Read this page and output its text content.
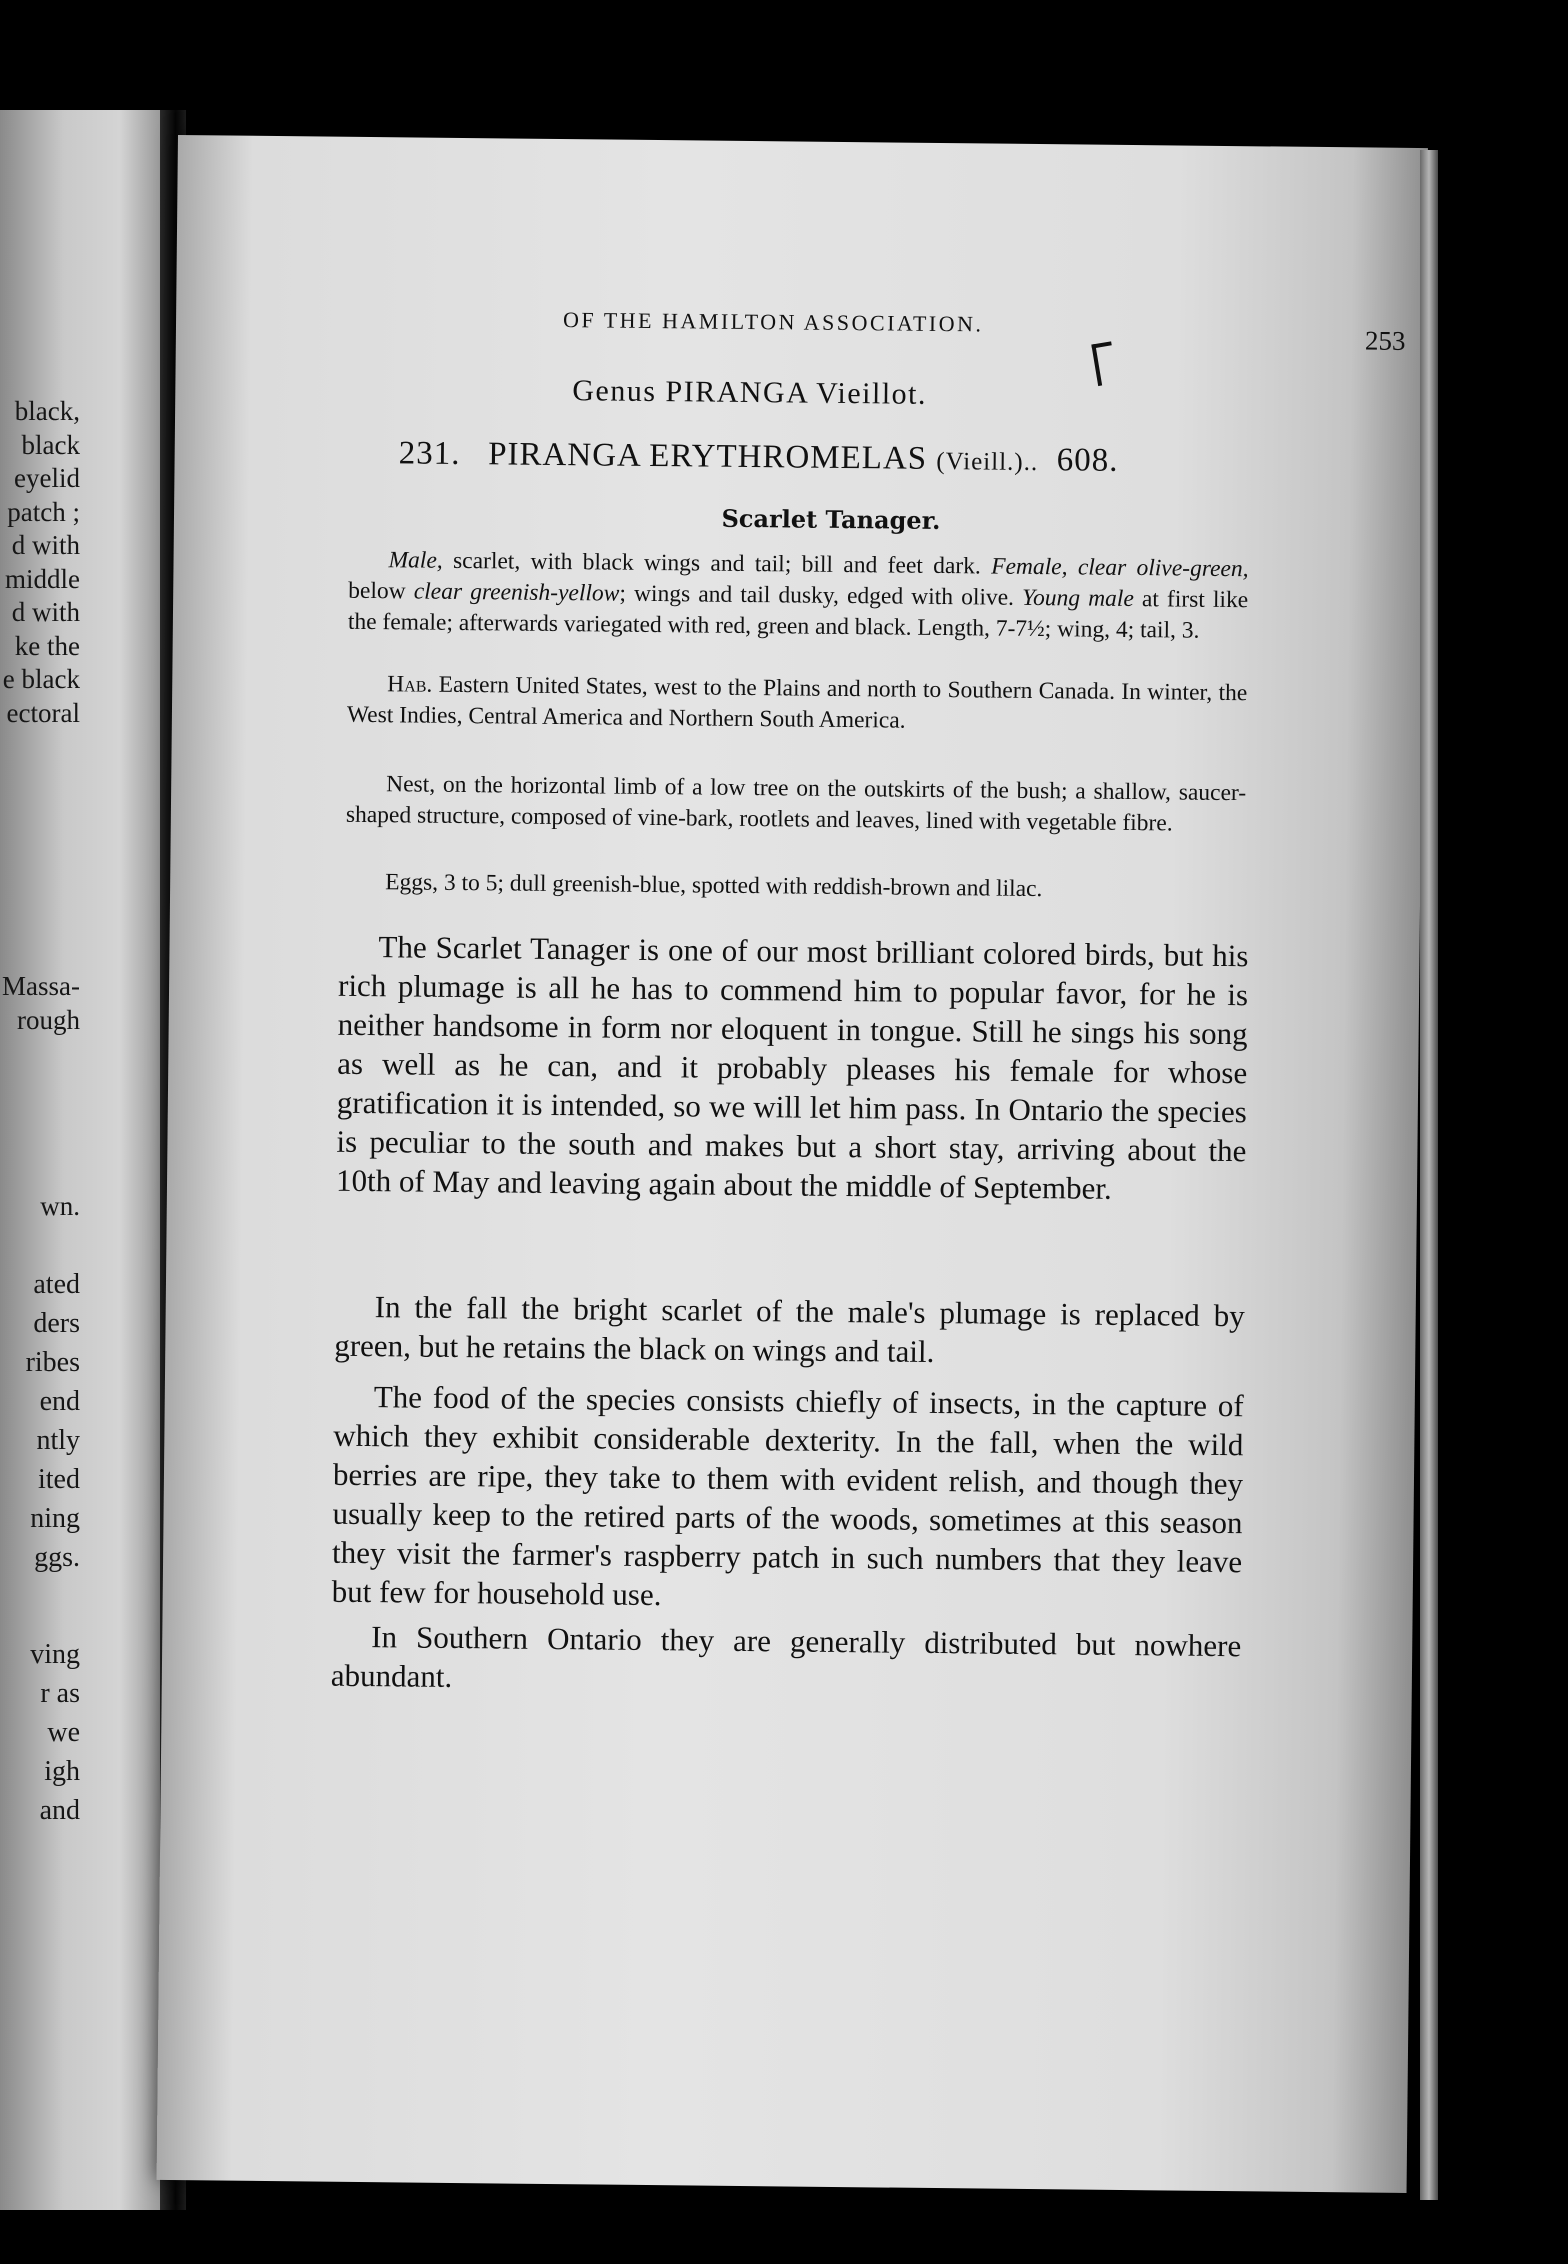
black,
black
eyelid
patch ;
d with
middle
d with
ke the
e black
ectoral
Massa-
rough
wn.
ated
ders
ribes
end
ntly
ited
ning
ggs.
ving
r as
we
igh
and
OF THE HAMILTON ASSOCIATION.
253
Genus PIRANGA Vieillot.
231. PIRANGA ERYTHROMELAS (Vieill.).. 608.
Scarlet Tanager.

Male, scarlet, with black wings and tail; bill and feet dark. Female, clear olive-green, below clear greenish-yellow; wings and tail dusky, edged with olive. Young male at first like the female; afterwards variegated with red, green and black. Length, 7-7½; wing, 4; tail, 3.

Hab. Eastern United States, west to the Plains and north to Southern Canada. In winter, the West Indies, Central America and Northern South America.

Nest, on the horizontal limb of a low tree on the outskirts of the bush; a shallow, saucer-shaped structure, composed of vine-bark, rootlets and leaves, lined with vegetable fibre.

Eggs, 3 to 5; dull greenish-blue, spotted with reddish-brown and lilac.

The Scarlet Tanager is one of our most brilliant colored birds, but his rich plumage is all he has to commend him to popular favor, for he is neither handsome in form nor eloquent in tongue. Still he sings his song as well as he can, and it probably pleases his female for whose gratification it is intended, so we will let him pass. In Ontario the species is peculiar to the south and makes but a short stay, arriving about the 10th of May and leaving again about the middle of September.

In the fall the bright scarlet of the male's plumage is replaced by green, but he retains the black on wings and tail.

The food of the species consists chiefly of insects, in the capture of which they exhibit considerable dexterity. In the fall, when the wild berries are ripe, they take to them with evident relish, and though they usually keep to the retired parts of the woods, sometimes at this season they visit the farmer's raspberry patch in such numbers that they leave but few for household use.

In Southern Ontario they are generally distributed but nowhere abundant.
